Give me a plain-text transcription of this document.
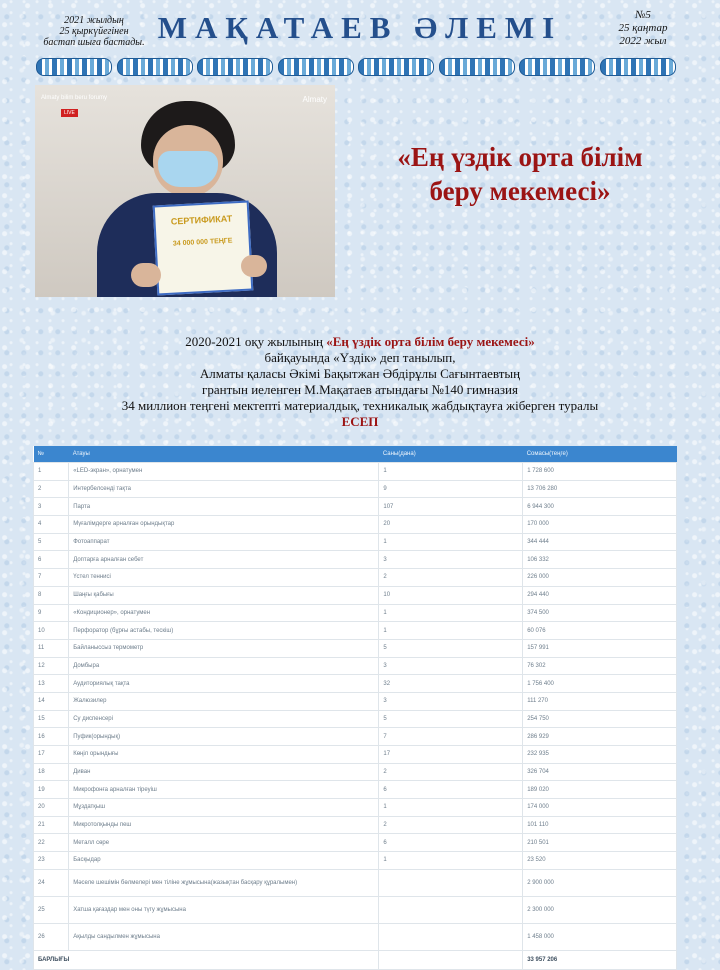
2021 жылдың
25 қыркүйегінен
бастап шыға бастады. МАҚАТАЕВ ӘЛЕМІ	№5
25 қаңтар
2022 жыл
Almaty bilim beru forumy
LIVE
Almaty
СЕРТИФИКАТ
34 000 000 ТЕҢГЕ
«Ең үздік орта білім
беру мекемесі»
2020-2021 оқу жылының «Ең үздік орта білім беру мекемесі»
байқауында «Үздік» деп танылып,
Алматы қаласы Әкімі Бақытжан Әбдірұлы Сағынтаевтың
грантын иеленген М.Мақатаев атындағы №140 гимназия
34 миллион теңгені мектепті материалдық, техникалық жабдықтауға жіберген туралы
ЕСЕП
№	Атауы	Саны(дана)	Сомасы(теңге)
1	«LED-экран», орнатумен	1	1 728 600
2	Интербелсенді тақта	9	13 706 280
3	Парта	107	6 944 300
4	Мүғалімдерге арналған орындықтар	20	170 000
5	Фотоаппарат	1	344 444
6	Доптарға арналған себет	3	106 332
7	Үстел теннисі	2	226 000
8	Шаңғы қабығы	10	294 440
9	«Кондиционер», орнатумен	1	374 500
10	Перфоратор (бұрғы астабы, тескіш)	1	60 076
11	Байланыссыз термометр	5	157 991
12	Домбыра	3	76 302
13	Аудиториялық тақта	32	1 756 400
14	Жалюзилер	3	111 270
15	Су диспенсері	5	254 750
16	Пуфик(орындық)	7	286 929
17	Көңіл орындығы	17	232 935
18	Диван	2	326 704
19	Микрофонға арналған тіреуіш	6	189 020
20	Мұздатқыш	1	174 000
21	Микротолқынды пеш	2	101 110
22	Металл сөре	6	210 501
23	Басқыдар	1	23 520
24	Мәселе шешімін бөлмелері мен тіліне жұмысына(жазықтан басқару құралымен)		2 900 000
25	Хатша қағаздар мен оны түгу жұмысына		2 300 000
26	Ақылды сандылмен жұмысына		1 458 000
БАРЛЫҒЫ			33 957 206
